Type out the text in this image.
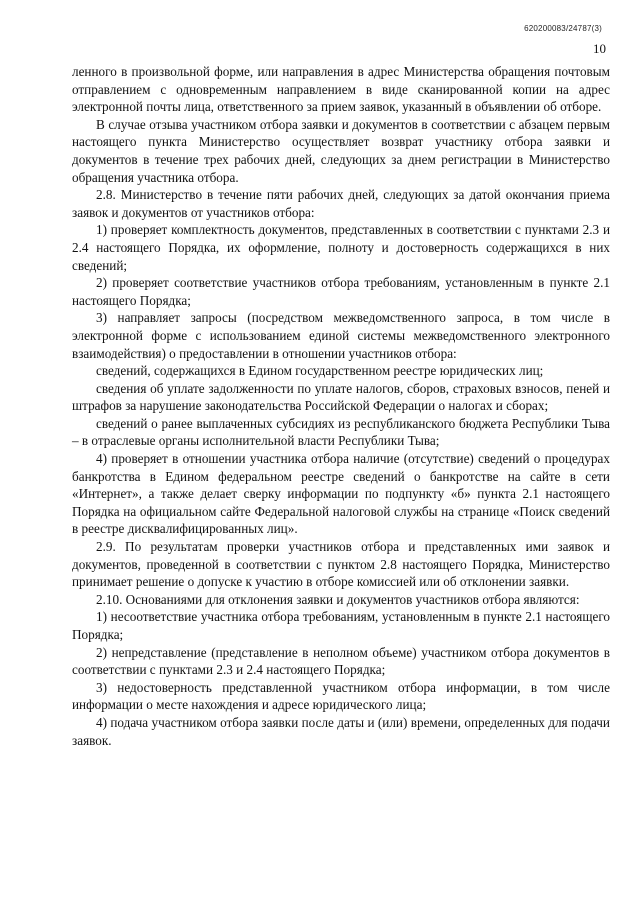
620200083/24787(3)
10

ленного в произвольной форме, или направления в адрес Министерства обращения почтовым отправлением с одновременным направлением в виде сканированной копии на адрес электронной почты лица, ответственного за прием заявок, указанный в объявлении об отборе.

В случае отзыва участником отбора заявки и документов в соответствии с абзацем первым настоящего пункта Министерство осуществляет возврат участнику отбора заявки и документов в течение трех рабочих дней, следующих за днем регистрации в Министерство обращения участника отбора.

2.8. Министерство в течение пяти рабочих дней, следующих за датой окончания приема заявок и документов от участников отбора:

1) проверяет комплектность документов, представленных в соответствии с пунктами 2.3 и 2.4 настоящего Порядка, их оформление, полноту и достоверность содержащихся в них сведений;

2) проверяет соответствие участников отбора требованиям, установленным в пункте 2.1 настоящего Порядка;

3) направляет запросы (посредством межведомственного запроса, в том числе в электронной форме с использованием единой системы межведомственного электронного взаимодействия) о предоставлении в отношении участников отбора:

сведений, содержащихся в Едином государственном реестре юридических лиц;

сведения об уплате задолженности по уплате налогов, сборов, страховых взносов, пеней и штрафов за нарушение законодательства Российской Федерации о налогах и сборах;

сведений о ранее выплаченных субсидиях из республиканского бюджета Республики Тыва – в отраслевые органы исполнительной власти Республики Тыва;

4) проверяет в отношении участника отбора наличие (отсутствие) сведений о процедурах банкротства в Едином федеральном реестре сведений о банкротстве на сайте в сети «Интернет», а также делает сверку информации по подпункту «б» пункта 2.1 настоящего Порядка на официальном сайте Федеральной налоговой службы на странице «Поиск сведений в реестре дисквалифицированных лиц».

2.9. По результатам проверки участников отбора и представленных ими заявок и документов, проведенной в соответствии с пунктом 2.8 настоящего Порядка, Министерство принимает решение о допуске к участию в отборе комиссией или об отклонении заявки.

2.10. Основаниями для отклонения заявки и документов участников отбора являются:

1) несоответствие участника отбора требованиям, установленным в пункте 2.1 настоящего Порядка;

2) непредставление (представление в неполном объеме) участником отбора документов в соответствии с пунктами 2.3 и 2.4 настоящего Порядка;

3) недостоверность представленной участником отбора информации, в том числе информации о месте нахождения и адресе юридического лица;

4) подача участником отбора заявки после даты и (или) времени, определенных для подачи заявок.
